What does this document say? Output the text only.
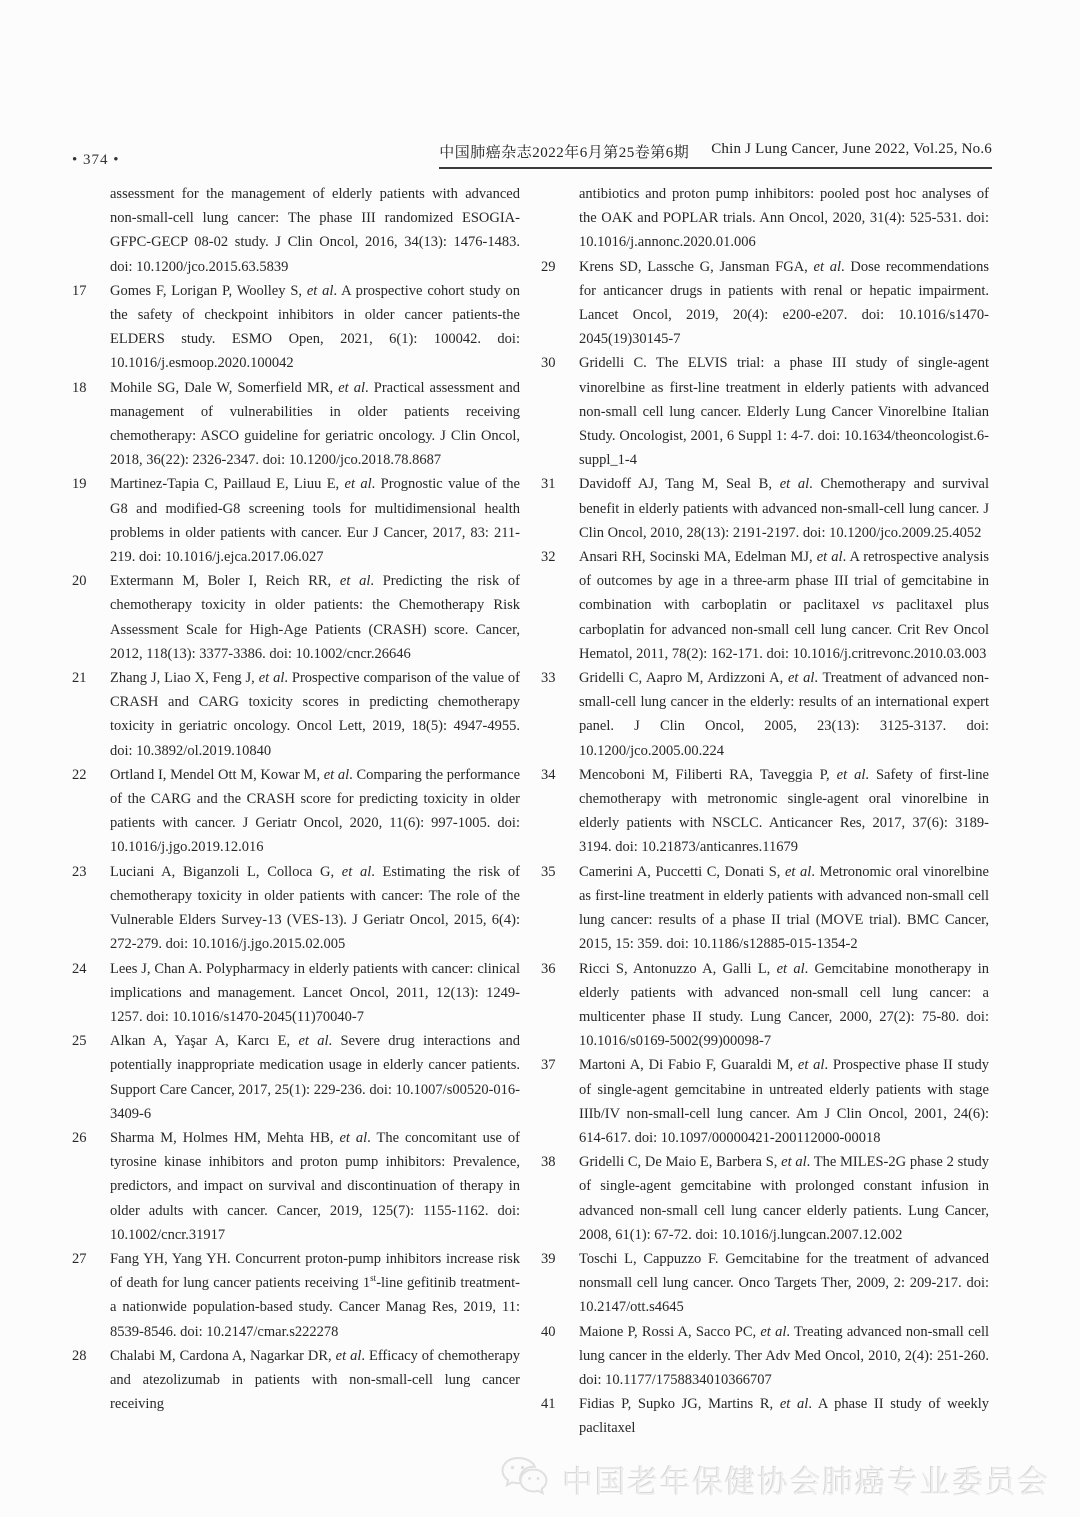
• 374 •	中国肺癌杂志2022年6月第25卷第6期 Chin J Lung Cancer, June 2022, Vol.25, No.6
assessment for the management of elderly patients with advanced non-small-cell lung cancer: The phase III randomized ESOGIA-GFPC-GECP 08-02 study. J Clin Oncol, 2016, 34(13): 1476-1483. doi: 10.1200/jco.2015.63.5839
17	Gomes F, Lorigan P, Woolley S, et al. A prospective cohort study on the safety of checkpoint inhibitors in older cancer patients-the ELDERS study. ESMO Open, 2021, 6(1): 100042. doi: 10.1016/j.esmoop.2020.100042
18	Mohile SG, Dale W, Somerfield MR, et al. Practical assessment and management of vulnerabilities in older patients receiving chemotherapy: ASCO guideline for geriatric oncology. J Clin Oncol, 2018, 36(22): 2326-2347. doi: 10.1200/jco.2018.78.8687
19	Martinez-Tapia C, Paillaud E, Liuu E, et al. Prognostic value of the G8 and modified-G8 screening tools for multidimensional health problems in older patients with cancer. Eur J Cancer, 2017, 83: 211-219. doi: 10.1016/j.ejca.2017.06.027
20	Extermann M, Boler I, Reich RR, et al. Predicting the risk of chemotherapy toxicity in older patients: the Chemotherapy Risk Assessment Scale for High-Age Patients (CRASH) score. Cancer, 2012, 118(13): 3377-3386. doi: 10.1002/cncr.26646
21	Zhang J, Liao X, Feng J, et al. Prospective comparison of the value of CRASH and CARG toxicity scores in predicting chemotherapy toxicity in geriatric oncology. Oncol Lett, 2019, 18(5): 4947-4955. doi: 10.3892/ol.2019.10840
22	Ortland I, Mendel Ott M, Kowar M, et al. Comparing the performance of the CARG and the CRASH score for predicting toxicity in older patients with cancer. J Geriatr Oncol, 2020, 11(6): 997-1005. doi: 10.1016/j.jgo.2019.12.016
23	Luciani A, Biganzoli L, Colloca G, et al. Estimating the risk of chemotherapy toxicity in older patients with cancer: The role of the Vulnerable Elders Survey-13 (VES-13). J Geriatr Oncol, 2015, 6(4): 272-279. doi: 10.1016/j.jgo.2015.02.005
24	Lees J, Chan A. Polypharmacy in elderly patients with cancer: clinical implications and management. Lancet Oncol, 2011, 12(13): 1249-1257. doi: 10.1016/s1470-2045(11)70040-7
25	Alkan A, Yaşar A, Karcı E, et al. Severe drug interactions and potentially inappropriate medication usage in elderly cancer patients. Support Care Cancer, 2017, 25(1): 229-236. doi: 10.1007/s00520-016-3409-6
26	Sharma M, Holmes HM, Mehta HB, et al. The concomitant use of tyrosine kinase inhibitors and proton pump inhibitors: Prevalence, predictors, and impact on survival and discontinuation of therapy in older adults with cancer. Cancer, 2019, 125(7): 1155-1162. doi: 10.1002/cncr.31917
27	Fang YH, Yang YH. Concurrent proton-pump inhibitors increase risk of death for lung cancer patients receiving 1st-line gefitinib treatment-a nationwide population-based study. Cancer Manag Res, 2019, 11: 8539-8546. doi: 10.2147/cmar.s222278
28	Chalabi M, Cardona A, Nagarkar DR, et al. Efficacy of chemotherapy and atezolizumab in patients with non-small-cell lung cancer receiving
antibiotics and proton pump inhibitors: pooled post hoc analyses of the OAK and POPLAR trials. Ann Oncol, 2020, 31(4): 525-531. doi: 10.1016/j.annonc.2020.01.006
29	Krens SD, Lassche G, Jansman FGA, et al. Dose recommendations for anticancer drugs in patients with renal or hepatic impairment. Lancet Oncol, 2019, 20(4): e200-e207. doi: 10.1016/s1470-2045(19)30145-7
30	Gridelli C. The ELVIS trial: a phase III study of single-agent vinorelbine as first-line treatment in elderly patients with advanced non-small cell lung cancer. Elderly Lung Cancer Vinorelbine Italian Study. Oncologist, 2001, 6 Suppl 1: 4-7. doi: 10.1634/theoncologist.6-suppl_1-4
31	Davidoff AJ, Tang M, Seal B, et al. Chemotherapy and survival benefit in elderly patients with advanced non-small-cell lung cancer. J Clin Oncol, 2010, 28(13): 2191-2197. doi: 10.1200/jco.2009.25.4052
32	Ansari RH, Socinski MA, Edelman MJ, et al. A retrospective analysis of outcomes by age in a three-arm phase III trial of gemcitabine in combination with carboplatin or paclitaxel vs paclitaxel plus carboplatin for advanced non-small cell lung cancer. Crit Rev Oncol Hematol, 2011, 78(2): 162-171. doi: 10.1016/j.critrevonc.2010.03.003
33	Gridelli C, Aapro M, Ardizzoni A, et al. Treatment of advanced non-small-cell lung cancer in the elderly: results of an international expert panel. J Clin Oncol, 2005, 23(13): 3125-3137. doi: 10.1200/jco.2005.00.224
34	Mencoboni M, Filiberti RA, Taveggia P, et al. Safety of first-line chemotherapy with metronomic single-agent oral vinorelbine in elderly patients with NSCLC. Anticancer Res, 2017, 37(6): 3189-3194. doi: 10.21873/anticanres.11679
35	Camerini A, Puccetti C, Donati S, et al. Metronomic oral vinorelbine as first-line treatment in elderly patients with advanced non-small cell lung cancer: results of a phase II trial (MOVE trial). BMC Cancer, 2015, 15: 359. doi: 10.1186/s12885-015-1354-2
36	Ricci S, Antonuzzo A, Galli L, et al. Gemcitabine monotherapy in elderly patients with advanced non-small cell lung cancer: a multicenter phase II study. Lung Cancer, 2000, 27(2): 75-80. doi: 10.1016/s0169-5002(99)00098-7
37	Martoni A, Di Fabio F, Guaraldi M, et al. Prospective phase II study of single-agent gemcitabine in untreated elderly patients with stage IIIb/IV non-small-cell lung cancer. Am J Clin Oncol, 2001, 24(6): 614-617. doi: 10.1097/00000421-200112000-00018
38	Gridelli C, De Maio E, Barbera S, et al. The MILES-2G phase 2 study of single-agent gemcitabine with prolonged constant infusion in advanced non-small cell lung cancer elderly patients. Lung Cancer, 2008, 61(1): 67-72. doi: 10.1016/j.lungcan.2007.12.002
39	Toschi L, Cappuzzo F. Gemcitabine for the treatment of advanced nonsmall cell lung cancer. Onco Targets Ther, 2009, 2: 209-217. doi: 10.2147/ott.s4645
40	Maione P, Rossi A, Sacco PC, et al. Treating advanced non-small cell lung cancer in the elderly. Ther Adv Med Oncol, 2010, 2(4): 251-260. doi: 10.1177/1758834010366707
41	Fidias P, Supko JG, Martins R, et al. A phase II study of weekly paclitaxel
中国老年保健协会肺癌专业委员会
